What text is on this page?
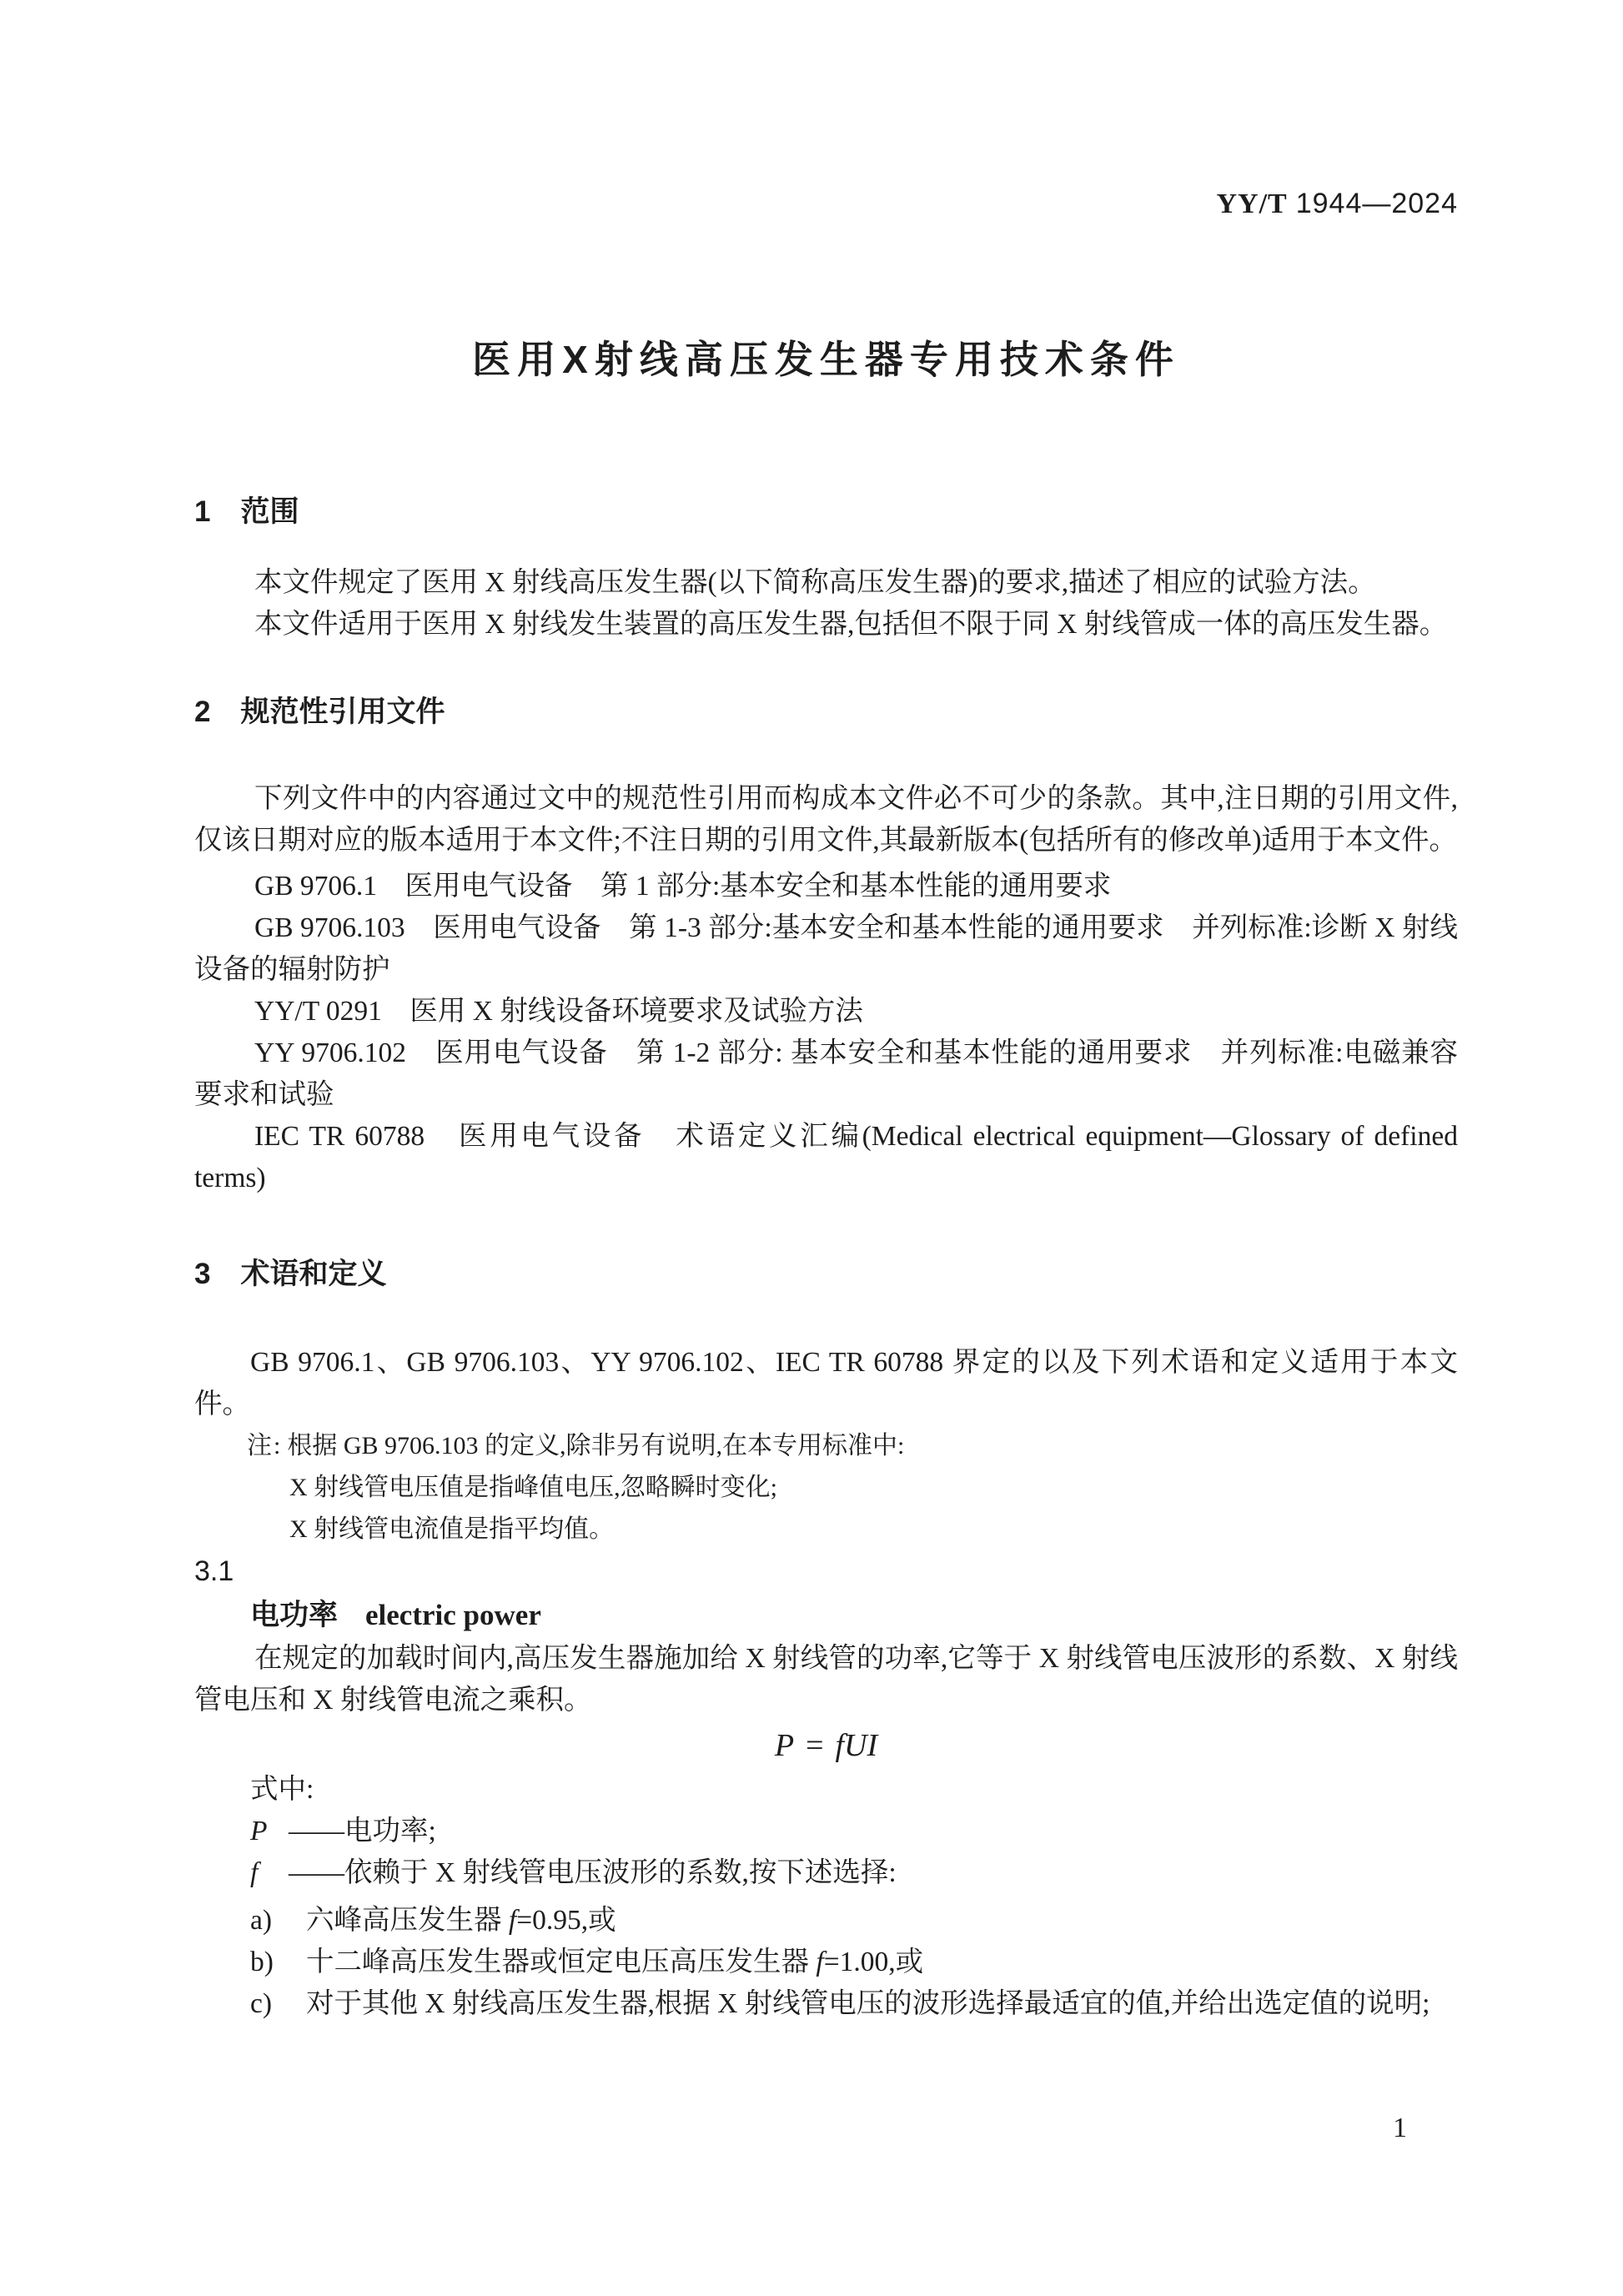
YY/T 1944—2024
医用X射线高压发生器专用技术条件
1 范围

本文件规定了医用 X 射线高压发生器(以下简称高压发生器)的要求,描述了相应的试验方法。

本文件适用于医用 X 射线发生装置的高压发生器,包括但不限于同 X 射线管成一体的高压发生器。

2 规范性引用文件

下列文件中的内容通过文中的规范性引用而构成本文件必不可少的条款。其中,注日期的引用文件,仅该日期对应的版本适用于本文件;不注日期的引用文件,其最新版本(包括所有的修改单)适用于本文件。

GB 9706.1　医用电气设备　第 1 部分:基本安全和基本性能的通用要求

GB 9706.103　医用电气设备　第 1-3 部分:基本安全和基本性能的通用要求　并列标准:诊断 X 射线设备的辐射防护

YY/T 0291　医用 X 射线设备环境要求及试验方法

YY 9706.102　医用电气设备　第 1-2 部分: 基本安全和基本性能的通用要求　并列标准:电磁兼容　要求和试验

IEC TR 60788　医用电气设备　术语定义汇编(Medical electrical equipment—Glossary of defined terms)

3 术语和定义

GB 9706.1、GB 9706.103、YY 9706.102、IEC TR 60788 界定的以及下列术语和定义适用于本文件。

注: 根据 GB 9706.103 的定义,除非另有说明,在本专用标准中:
X 射线管电压值是指峰值电压,忽略瞬时变化;
X 射线管电流值是指平均值。
3.1
电功率 electric power

在规定的加载时间内,高压发生器施加给 X 射线管的功率,它等于 X 射线管电压波形的系数、X 射线管电压和 X 射线管电流之乘积。

P = fUI
式中:
P ——电功率;
f ——依赖于 X 射线管电压波形的系数,按下述选择:
a) 六峰高压发生器 f=0.95,或
b) 十二峰高压发生器或恒定电压高压发生器 f=1.00,或
c) 对于其他 X 射线高压发生器,根据 X 射线管电压的波形选择最适宜的值,并给出选定值的说明;
1
